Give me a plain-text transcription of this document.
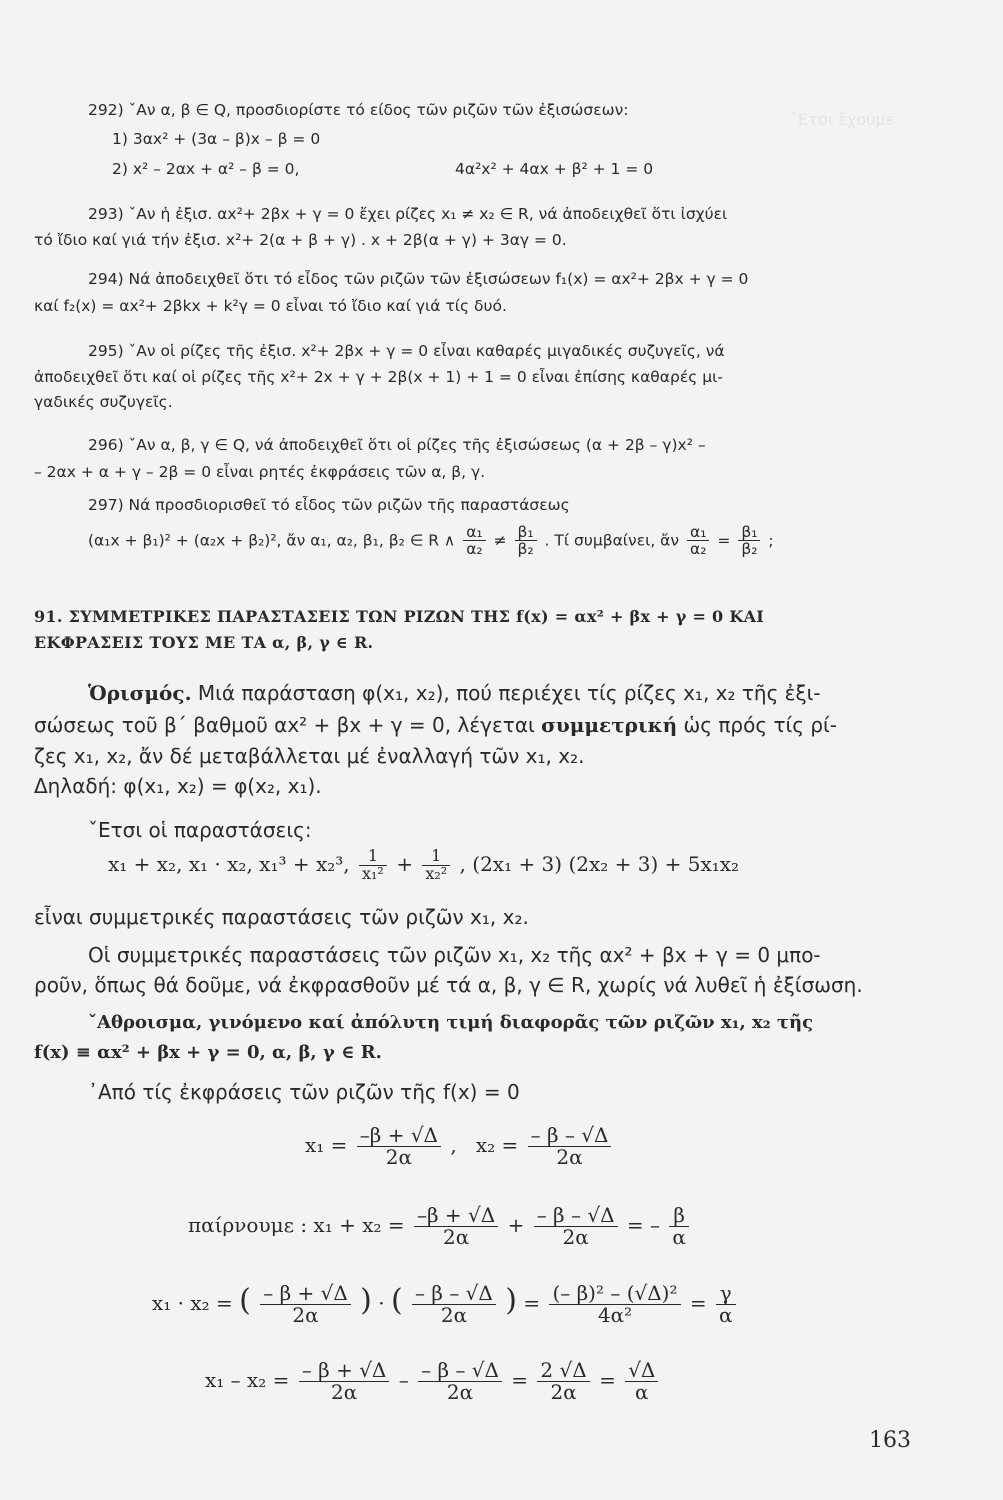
ˇΕτσι ἔχουμε
292) ˇΑν α, β ∈ Q, προσδιορίστε τό είδος τῶν ριζῶν τῶν ἐξισώσεων:
1) 3αx² + (3α – β)x – β = 0
2) x² – 2αx + α² – β = 0,	4α²x² + 4αx + β² + 1 = 0
293) ˇΑν ἡ ἐξισ. αx²+ 2βx + γ = 0 ἔχει ρίζες x₁ ≠ x₂ ∈ R, νά ἀποδειχθεῖ ὅτι ἰσχύει
τό ἴδιο καί γιά τήν ἐξισ. x²+ 2(α + β + γ) . x + 2β(α + γ) + 3αγ = 0.
294) Νά ἀποδειχθεῖ ὅτι τό εἶδος τῶν ριζῶν τῶν ἐξισώσεων f₁(x) = αx²+ 2βx + γ = 0
καί f₂(x) = αx²+ 2βkx + k²γ = 0 εἶναι τό ἴδιο καί γιά τίς δυό.
295) ˇΑν οἱ ρίζες τῆς ἐξισ. x²+ 2βx + γ = 0 εἶναι καθαρές μιγαδικές συζυγεῖς, νά
ἀποδειχθεῖ ὅτι καί οἱ ρίζες τῆς x²+ 2x + γ + 2β(x + 1) + 1 = 0 εἶναι ἐπίσης καθαρές μι-
γαδικές συζυγεῖς.
296) ˇΑν α, β, γ ∈ Q, νά ἀποδειχθεῖ ὅτι οἱ ρίζες τῆς ἐξισώσεως (α + 2β – γ)x² –
– 2αx + α + γ – 2β = 0 εἶναι ρητές ἐκφράσεις τῶν α, β, γ.
297) Νά προσδιορισθεῖ τό εἶδος τῶν ριζῶν τῆς παραστάσεως
(α₁x + β₁)² + (α₂x + β₂)², ἄν α₁, α₂, β₁, β₂ ∈ R ∧ $\frac{\text{α₁}}{\text{α₂}} \ne \frac{\text{β₁}}{\text{β₂}}$ . Τί συμβαίνει, ἄν $\frac{\text{α₁}}{\text{α₂}} = \frac{\text{β₁}}{\text{β₂}}$ ;
91. ΣΥΜΜΕΤΡΙΚΕΣ ΠΑΡΑΣΤΑΣΕΙΣ ΤΩΝ ΡΙΖΩΝ ΤΗΣ f(x) = αx² + βx + γ = 0 ΚΑΙ
ΕΚΦΡΑΣΕΙΣ ΤΟΥΣ ΜΕ ΤΑ α, β, γ ∈ R.
Ὁρισμός. Μιά παράσταση φ(x₁, x₂), πού περιέχει τίς ρίζες x₁, x₂ τῆς ἐξι-
σώσεως τοῦ β΄ βαθμοῦ αx² + βx + γ = 0, λέγεται συμμετρική ὡς πρός τίς ρί-
ζες x₁, x₂, ἄν δέ μεταβάλλεται μέ ἐναλλαγή τῶν x₁, x₂.
Δηλαδή: φ(x₁, x₂) = φ(x₂, x₁).
ˇΕτσι οἱ παραστάσεις:
x₁ + x₂, x₁ · x₂, x₁³ + x₂³, $\frac{1}{\text{x₁²}} + \frac{1}{\text{x₂²}}$ , (2x₁ + 3) (2x₂ + 3) + 5x₁x₂
εἶναι συμμετρικές παραστάσεις τῶν ριζῶν x₁, x₂.
Οἱ συμμετρικές παραστάσεις τῶν ριζῶν x₁, x₂ τῆς αx² + βx + γ = 0 μπο-
ροῦν, ὅπως θά δοῦμε, νά ἐκφρασθοῦν μέ τά α, β, γ ∈ R, χωρίς νά λυθεῖ ἡ ἐξίσωση.
ˇΑθροισμα, γινόμενο καί ἀπόλυτη τιμή διαφορᾶς τῶν ριζῶν x₁, x₂ τῆς
f(x) ≡ αx² + βx + γ = 0, α, β, γ ∈ R.
᾽Από τίς ἐκφράσεις τῶν ριζῶν τῆς f(x) = 0
$x_1 = \frac{-\beta + √\Delta}{2\alpha}$ , $x_2 = \frac{- \beta - √\Delta}{2\alpha}$
παίρνουμε : $x_1 + x_2 = \frac{-\beta + √\Delta}{2\alpha} + \frac{- \beta - √\Delta}{2\alpha}$ = – $\frac{\beta}{\alpha}$
x₁ · x₂ = ( $\frac{- \beta + √\Delta}{2\alpha}$ ) · ( $\frac{- \beta - √\Delta}{2\alpha}$ ) = $\frac{\text{(– β)² – (√Δ)²}}{\text{4α²}} = \frac{\gamma}{\alpha}$
$x_1 - x_2 = \frac{- \beta + √\Delta}{2\alpha} - \frac{- \beta - √\Delta}{2\alpha} = \frac{2 √\Delta}{2\alpha} = \frac{√\Delta}{\alpha}$
163
